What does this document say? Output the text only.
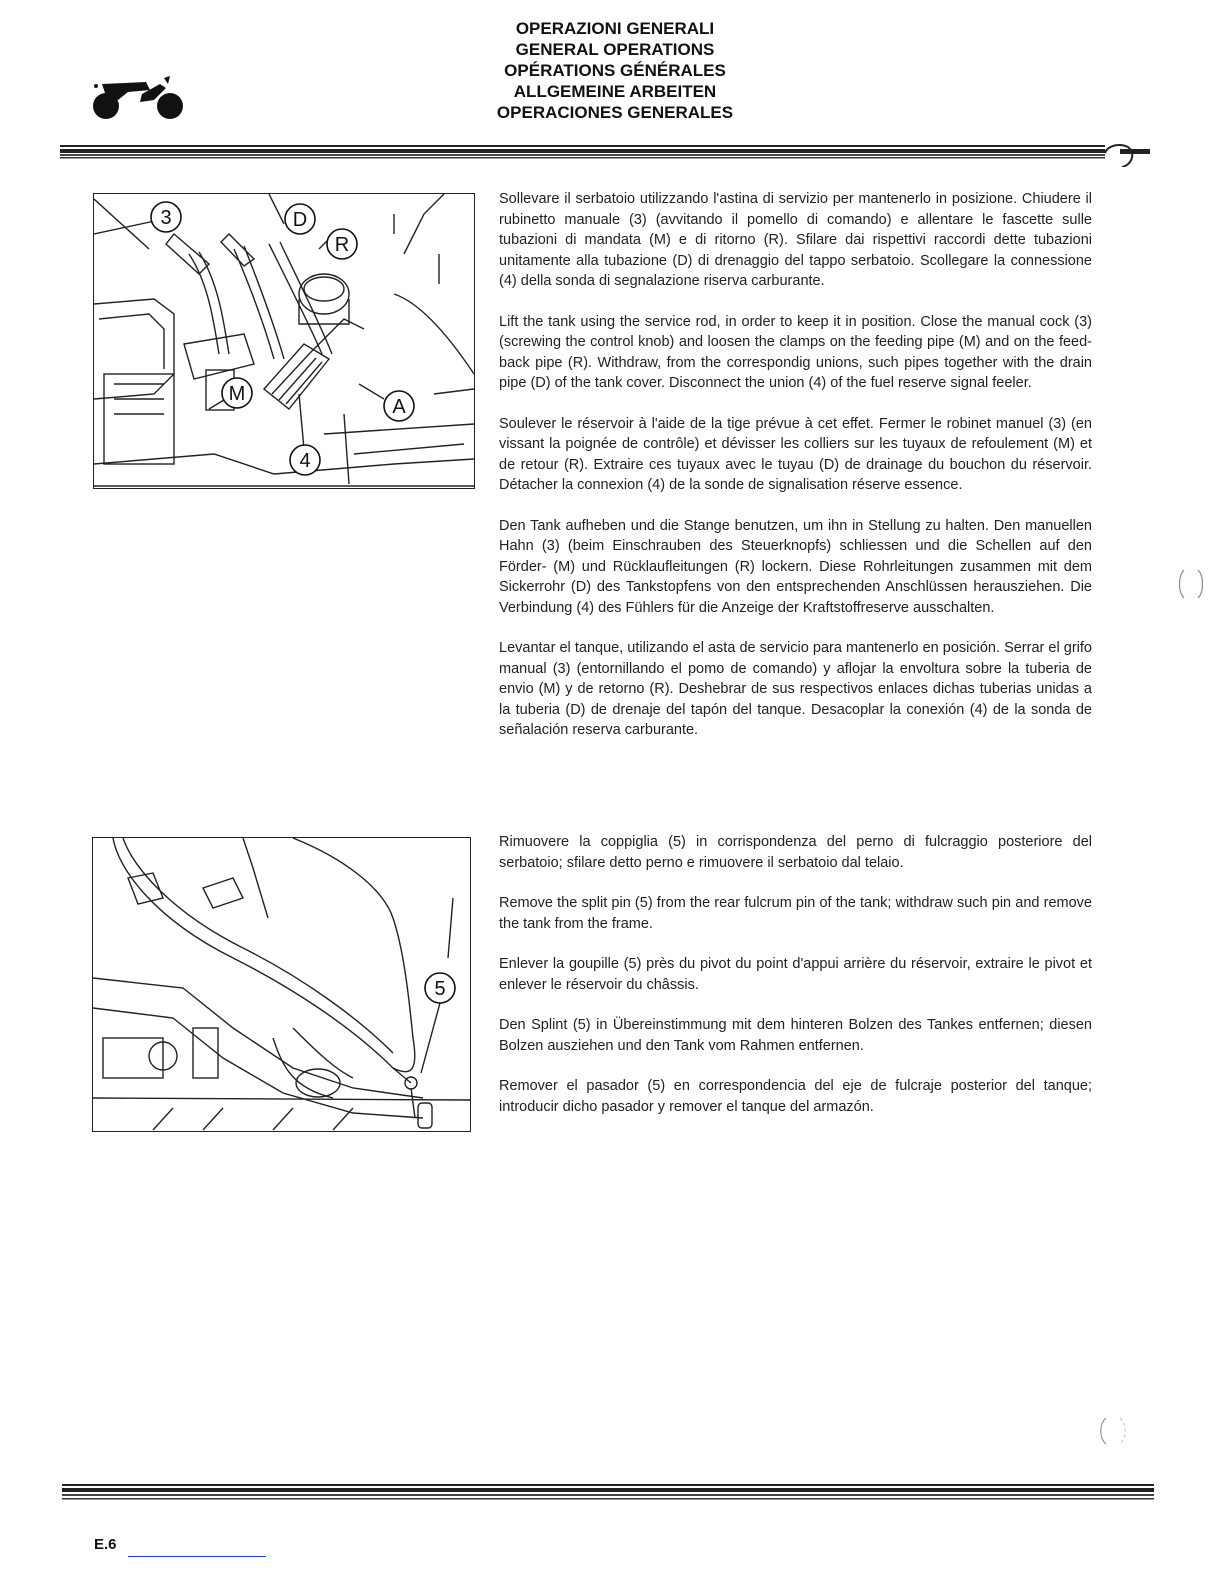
OPERAZIONI GENERALI
GENERAL OPERATIONS
OPÉRATIONS GÉNÉRALES
ALLGEMEINE ARBEITEN
OPERACIONES GENERALES
3	D
R
M
A
4

Sollevare il serbatoio utilizzando l'astina di servizio per mantenerlo in posizione. Chiudere il rubinetto manuale (3) (avvitando il pomello di comando) e allentare le fascette sulle tubazioni di mandata (M) e di ritorno (R). Sfilare dai rispettivi raccordi dette tubazioni unitamente alla tubazione (D) di drenaggio del tappo serbatoio. Scollegare la connessione (4) della sonda di segnalazione riserva carburante.

Lift the tank using the service rod, in order to keep it in position. Close the manual cock (3) (screwing the control knob) and loosen the clamps on the feeding pipe (M) and on the feed-back pipe (R). Withdraw, from the correspondig unions, such pipes together with the drain pipe (D) of the tank cover. Disconnect the union (4) of the fuel reserve signal feeler.

Soulever le réservoir à l'aide de la tige prévue à cet effet. Fermer le robinet manuel (3) (en vissant la poignée de contrôle) et dévisser les colliers sur les tuyaux de refoulement (M) et de retour (R). Extraire ces tuyaux avec le tuyau (D) de drainage du bouchon du réservoir. Détacher la connexion (4) de la sonde de signalisation réserve essence.

Den Tank aufheben und die Stange benutzen, um ihn in Stellung zu halten. Den manuellen Hahn (3) (beim Einschrauben des Steuerknopfs) schliessen und die Schellen auf den Förder- (M) und Rücklaufleitungen (R) lockern. Diese Rohrleitungen zusammen mit dem Sickerrohr (D) des Tankstopfens von den entsprechenden Anschlüssen herausziehen. Die Verbindung (4) des Fühlers für die Anzeige der Kraftstoffreserve ausschalten.

Levantar el tanque, utilizando el asta de servicio para mantenerlo en posición. Serrar el grifo manual (3) (entornillando el pomo de comando) y aflojar la envoltura sobre la tuberia de envio (M) y de retorno (R). Deshebrar de sus respectivos enlaces dichas tuberias unidas a la tuberia (D) de drenaje del tapón del tanque. Desacoplar la conexión (4) de la sonda de señalación reserva carburante.

5

Rimuovere la coppiglia (5) in corrispondenza del perno di fulcraggio posteriore del serbatoio; sfilare detto perno e rimuovere il serbatoio dal telaio.

Remove the split pin (5) from the rear fulcrum pin of the tank; withdraw such pin and remove the tank from the frame.

Enlever la goupille (5) près du pivot du point d'appui arrière du réservoir, extraire le pivot et enlever le réservoir du châssis.

Den Splint (5) in Übereinstimmung mit dem hinteren Bolzen des Tankes entfernen; diesen Bolzen ausziehen und den Tank vom Rahmen entfernen.

Remover el pasador (5) en correspondencia del eje de fulcraje posterior del tanque; introducir dicho pasador y remover el tanque del armazón.

E.6
